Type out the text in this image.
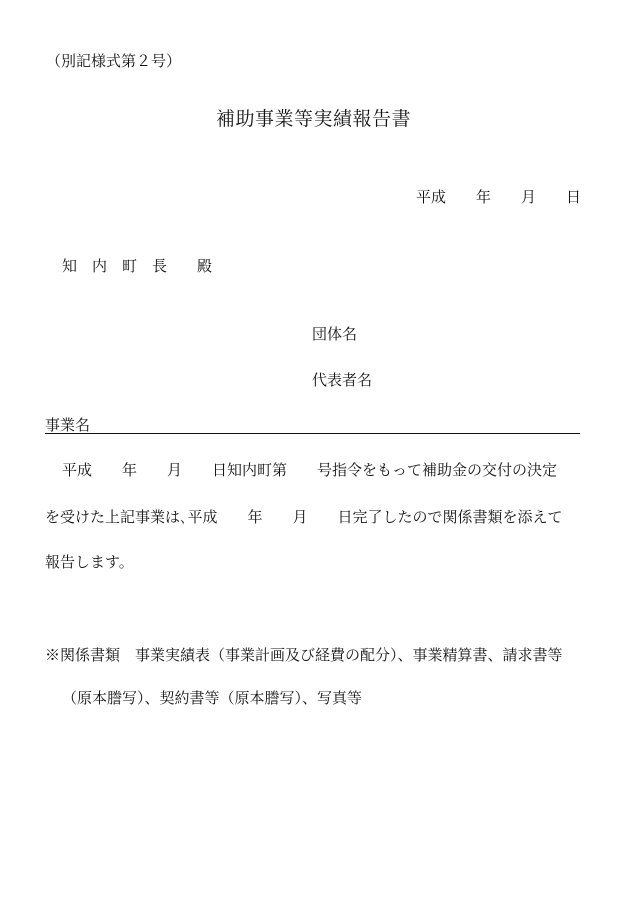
（別記様式第２号）
補助事業等実績報告書
平成　　年　　月　　日
知　内　町　長　　殿
団体名
代表者名
事業名
平成　　年　　月　　日知内町第　　号指令をもって補助金の交付の決定
を受けた上記事業は､平成　　年　　月　　日完了したので関係書類を添えて
報告します。
※関係書類　事業実績表（事業計画及び経費の配分）、事業精算書、請求書等
（原本謄写）、契約書等（原本謄写）、写真等
